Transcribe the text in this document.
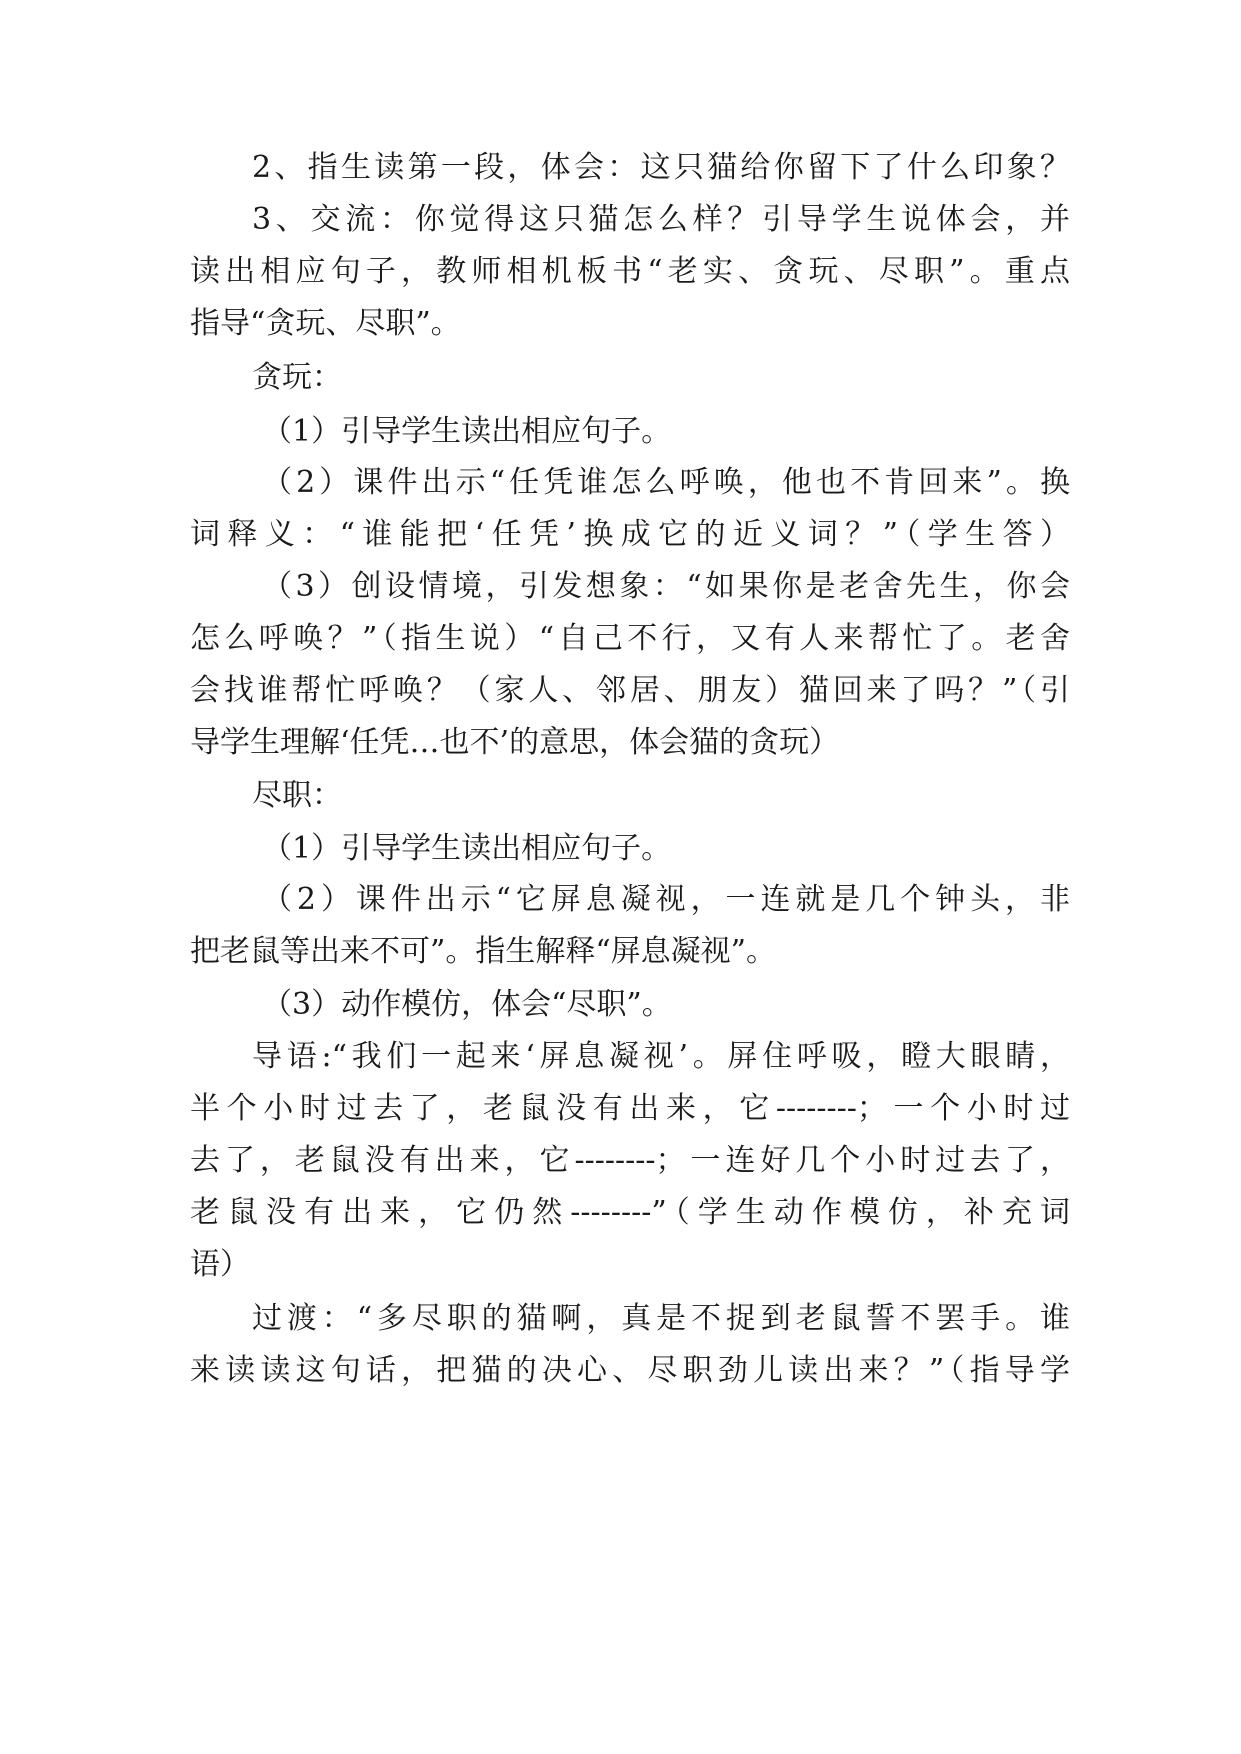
2、指生读第一段，体会：这只猫给你留下了什么印象？
3、交流：你觉得这只猫怎么样？引导学生说体会，并
读出相应句子，教师相机板书“老实、贪玩、尽职”。重点
指导“贪玩、尽职”。
贪玩：
（1）引导学生读出相应句子。
（2）课件出示“任凭谁怎么呼唤，他也不肯回来”。换
词释义：“谁能把‘任凭’换成它的近义词？”（学生答）
（3）创设情境，引发想象：“如果你是老舍先生，你会
怎么呼唤？”（指生说）“自己不行，又有人来帮忙了。老舍
会找谁帮忙呼唤？（家人、邻居、朋友）猫回来了吗？”（引
导学生理解‘任凭…也不’的意思，体会猫的贪玩）
尽职：
（1）引导学生读出相应句子。
（2）课件出示“它屏息凝视，一连就是几个钟头，非
把老鼠等出来不可”。指生解释“屏息凝视”。
（3）动作模仿，体会“尽职”。
导语:“我们一起来‘屏息凝视’。屏住呼吸，瞪大眼睛，
半个小时过去了，老鼠没有出来，它--------；一个小时过
去了，老鼠没有出来，它--------；一连好几个小时过去了，
老鼠没有出来，它仍然--------”（学生动作模仿，补充词
语）
过渡：“多尽职的猫啊，真是不捉到老鼠誓不罢手。谁
来读读这句话，把猫的决心、尽职劲儿读出来？”（指导学
